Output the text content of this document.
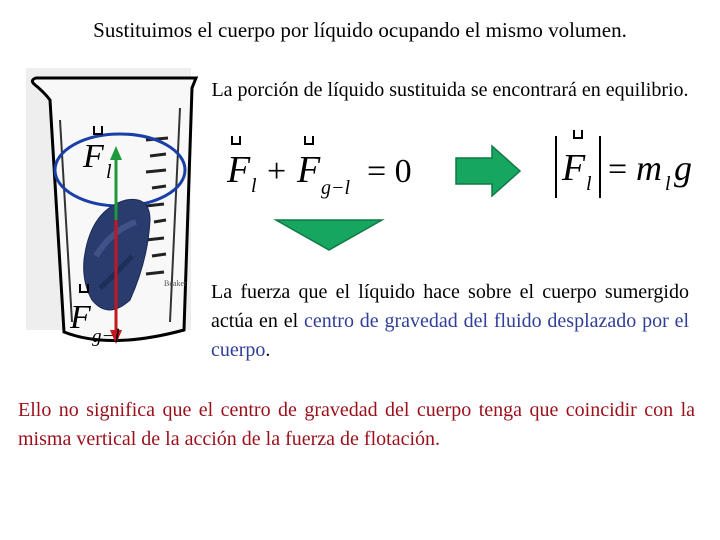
Sustituimos el cuerpo por líquido ocupando el mismo volumen.
La porción de líquido sustituida se encontrará en equilibrio.
F l
F
g−l
Beaker
F l + F g−l = 0	F l = m l g
La fuerza que el líquido hace sobre el cuerpo sumergido actúa en el centro de gravedad del fluido desplazado por el cuerpo.
Ello no significa que el centro de gravedad del cuerpo tenga que coincidir con la misma vertical de la acción de la fuerza de flotación.
